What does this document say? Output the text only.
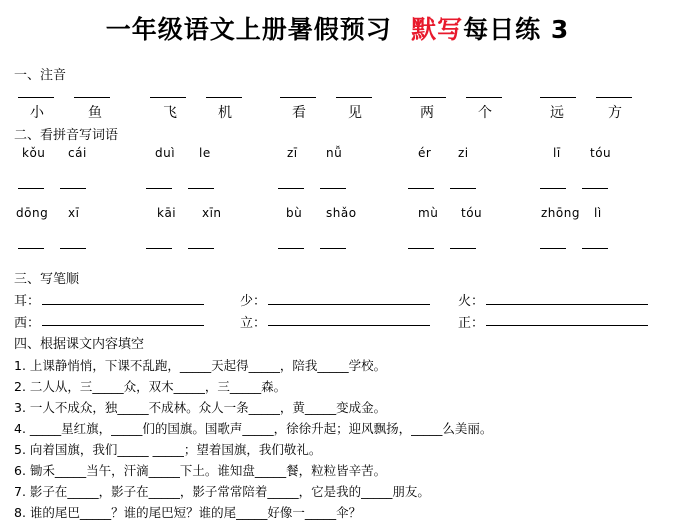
一年级语文上册暑假预习 默写每日练 3
一、注音
小	鱼	飞	机	看	见	两	个	远	方
二、看拼音写词语
kǒu cái	duì le	zī nǚ	ér zi	lī tóu
dōng xī	kāi xīn	bù shǎo	mù tóu	zhōng lì
三、写笔顺
耳：	少：	火：
西：	立：	正：
四、根据课文内容填空
1. 上课静悄悄，下课不乱跑，_____天起得_____，陪我_____学校。
2. 二人从，三_____众，双木_____，三_____森。
3. 一人不成众，独_____不成林。众人一条_____，黄_____变成金。
4. _____星红旗，_____们的国旗。国歌声_____，徐徐升起；迎风飘扬，_____么美丽。
5. 向着国旗，我们_____ _____；望着国旗，我们敬礼。
6. 锄禾_____当午，汗滴_____下土。谁知盘_____餐，粒粒皆辛苦。
7. 影子在_____，影子在_____，影子常常陪着_____，它是我的_____朋友。
8. 谁的尾巴_____？谁的尾巴短？谁的尾_____好像一_____伞？
